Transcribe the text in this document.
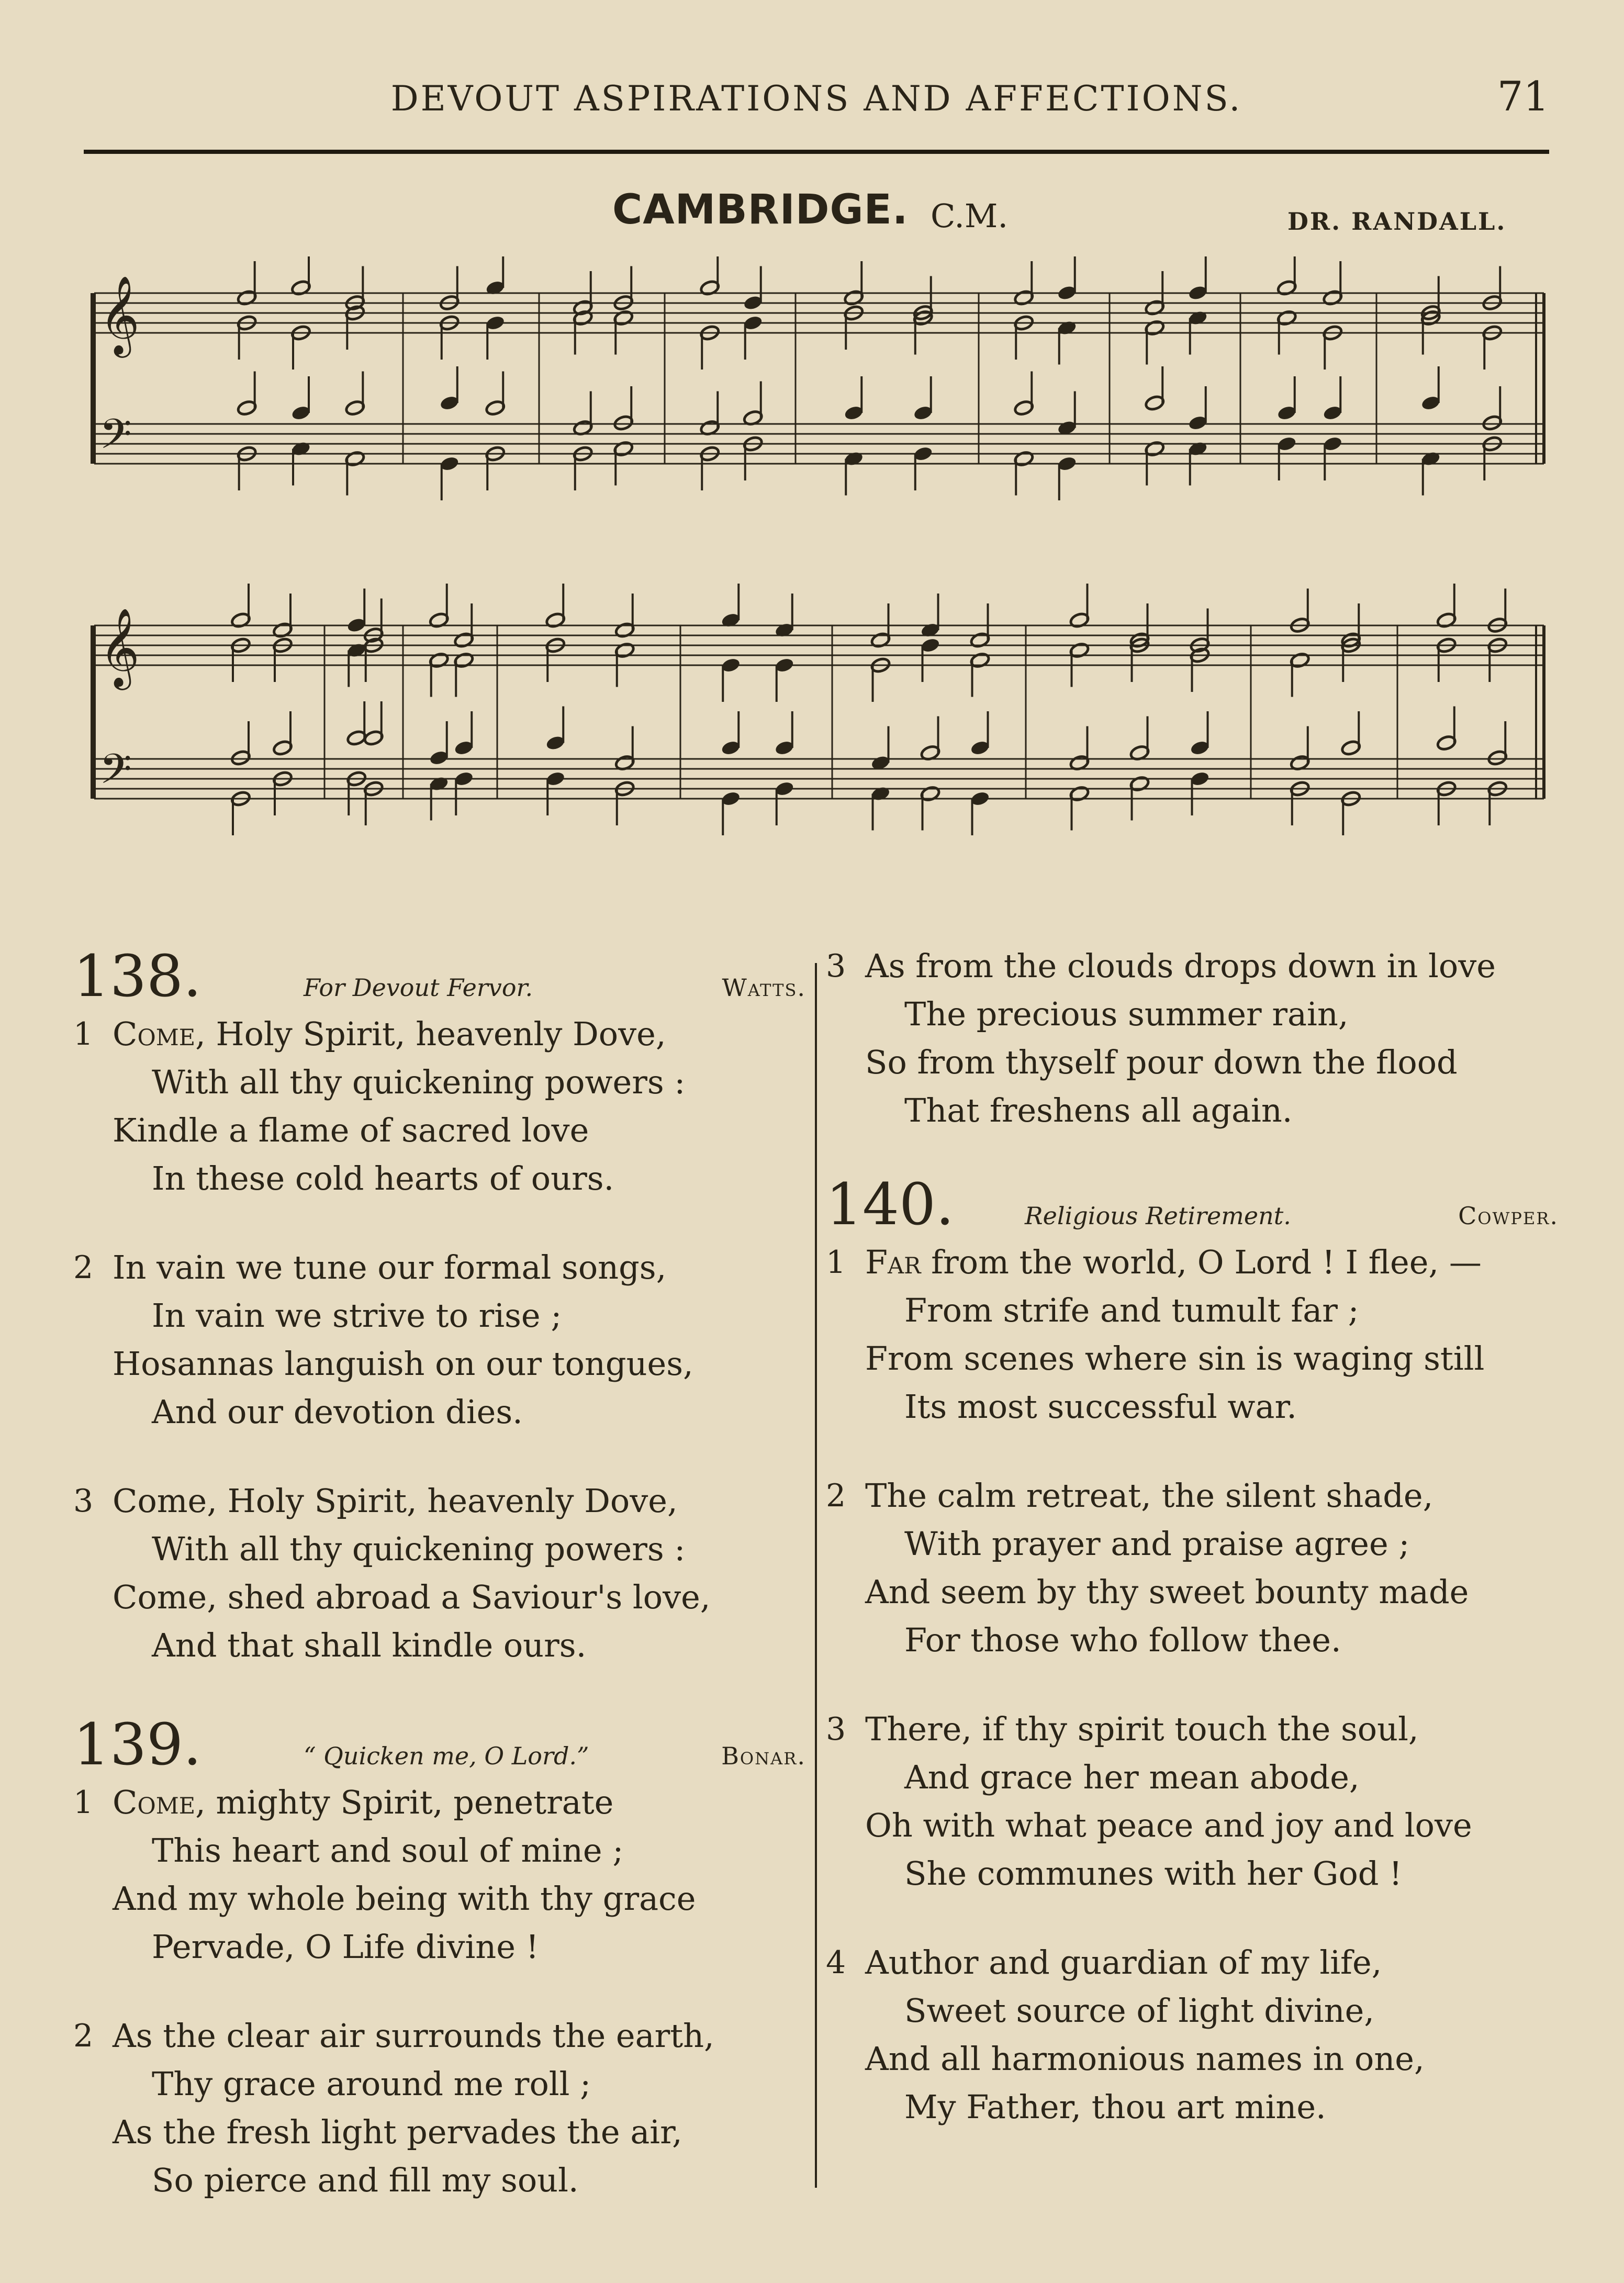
DEVOUT ASPIRATIONS AND AFFECTIONS.	71
CAMBRIDGE. C.M.	DR. RANDALL.
𝄞
𝄞
𝄢
𝄢
138.	For Devout Fervor.	Watts.
1 Come, Holy Spirit, heavenly Dove,
With all thy quickening powers :
Kindle a flame of sacred love
In these cold hearts of ours.
2 In vain we tune our formal songs,
In vain we strive to rise ;
Hosannas languish on our tongues,
And our devotion dies.
3 Come, Holy Spirit, heavenly Dove,
With all thy quickening powers :
Come, shed abroad a Saviour's love,
And that shall kindle ours.
139.	“ Quicken me, O Lord.”	Bonar.
1 Come, mighty Spirit, penetrate
This heart and soul of mine ;
And my whole being with thy grace
Pervade, O Life divine !
2 As the clear air surrounds the earth,
Thy grace around me roll ;
As the fresh light pervades the air,
So pierce and fill my soul.
3 As from the clouds drops down in love
The precious summer rain,
So from thyself pour down the flood
That freshens all again.
140.	Religious Retirement.	Cowper.
1 Far from the world, O Lord ! I flee, —
From strife and tumult far ;
From scenes where sin is waging still
Its most successful war.
2 The calm retreat, the silent shade,
With prayer and praise agree ;
And seem by thy sweet bounty made
For those who follow thee.
3 There, if thy spirit touch the soul,
And grace her mean abode,
Oh with what peace and joy and love
She communes with her God !
4 Author and guardian of my life,
Sweet source of light divine,
And all harmonious names in one,
My Father, thou art mine.
